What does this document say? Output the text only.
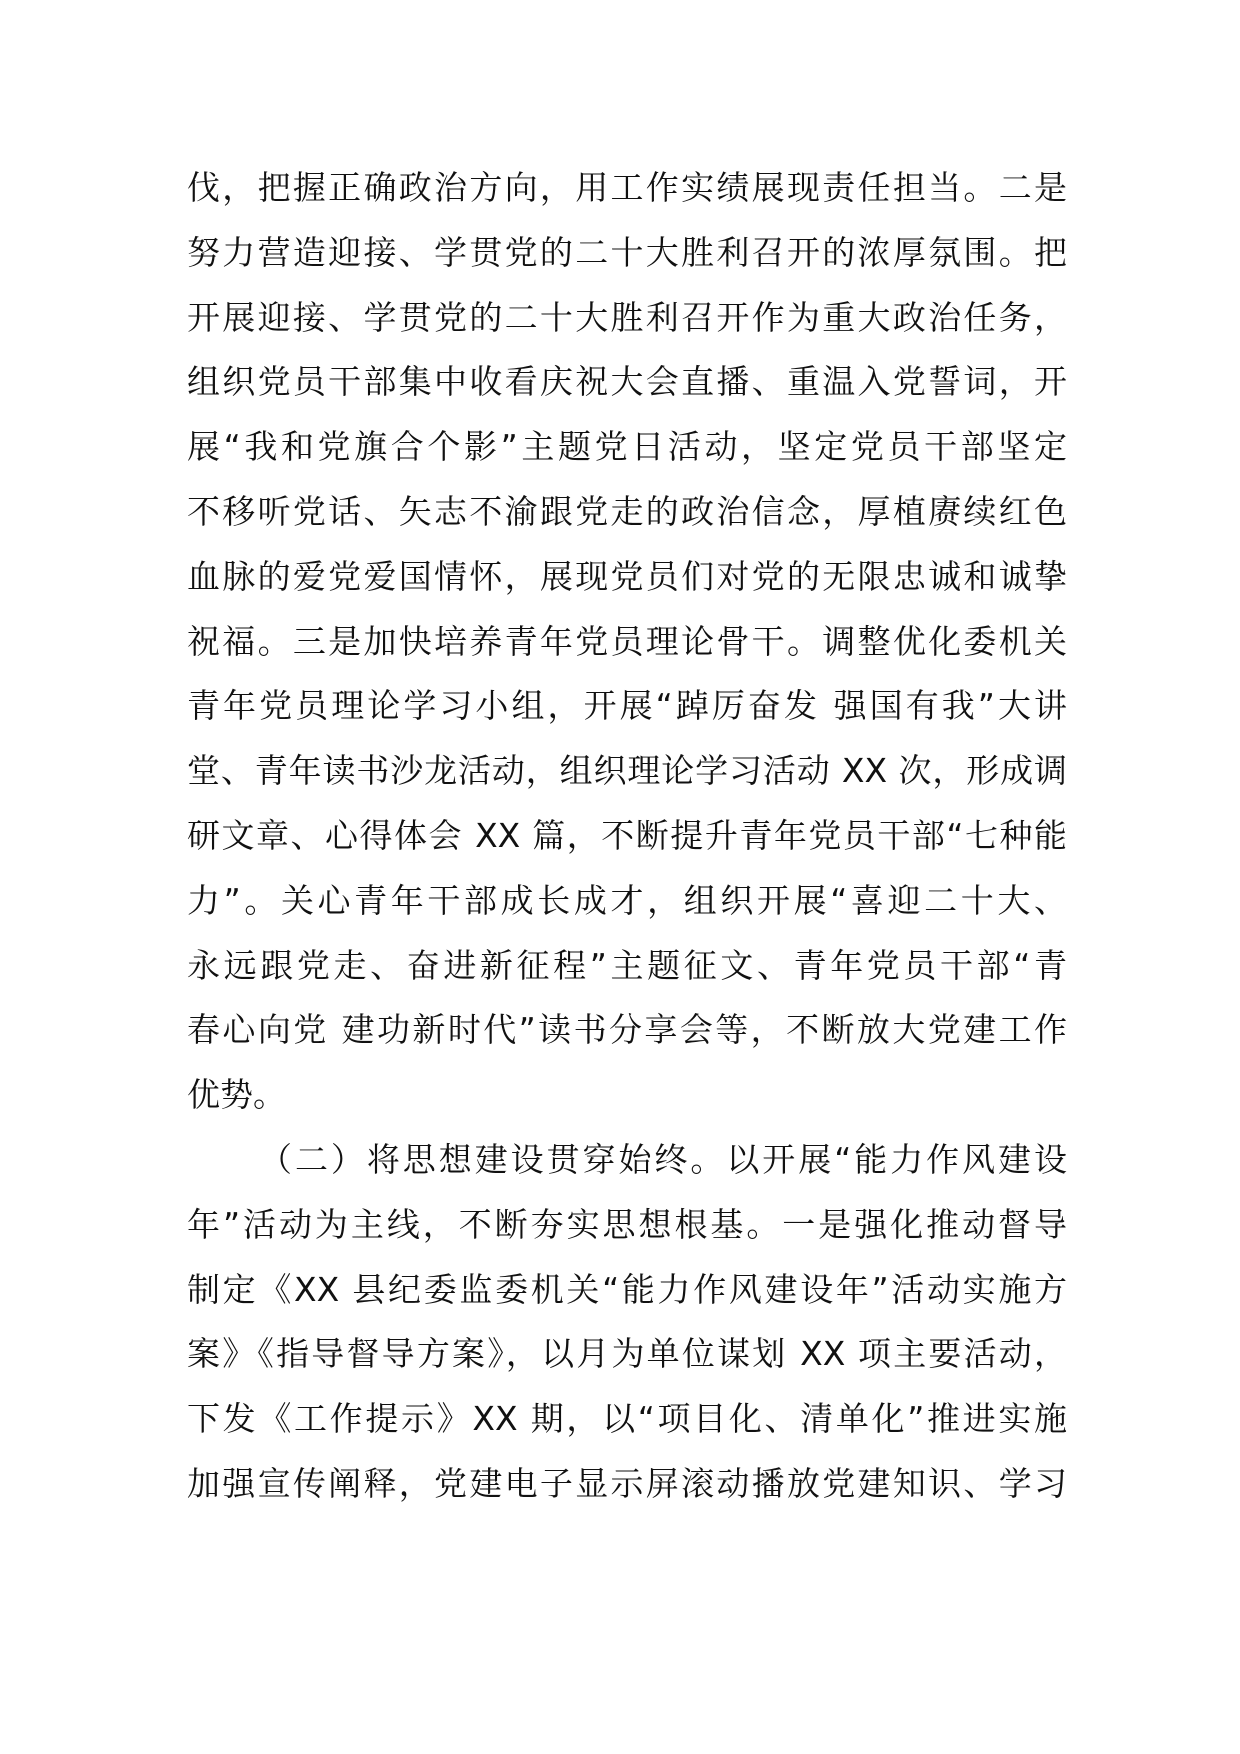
伐，把握正确政治方向，用工作实绩展现责任担当。二是
努力营造迎接、学贯党的二十大胜利召开的浓厚氛围。把
开展迎接、学贯党的二十大胜利召开作为重大政治任务，
组织党员干部集中收看庆祝大会直播、重温入党誓词，开
展“我和党旗合个影”主题党日活动，坚定党员干部坚定
不移听党话、矢志不渝跟党走的政治信念，厚植赓续红色
血脉的爱党爱国情怀，展现党员们对党的无限忠诚和诚挚
祝福。三是加快培养青年党员理论骨干。调整优化委机关
青年党员理论学习小组，开展“踔厉奋发 强国有我”大讲
堂、青年读书沙龙活动，组织理论学习活动 XX 次，形成调
研文章、心得体会 XX 篇，不断提升青年党员干部“七种能
力”。关心青年干部成长成才，组织开展“喜迎二十大、
永远跟党走、奋进新征程”主题征文、青年党员干部“青
春心向党 建功新时代”读书分享会等，不断放大党建工作
优势。
（二）将思想建设贯穿始终。以开展“能力作风建设
年”活动为主线，不断夯实思想根基。一是强化推动督导
制定《XX 县纪委监委机关“能力作风建设年”活动实施方
案》《指导督导方案》，以月为单位谋划 XX 项主要活动，
下发《工作提示》XX 期，以“项目化、清单化”推进实施
加强宣传阐释，党建电子显示屏滚动播放党建知识、学习
